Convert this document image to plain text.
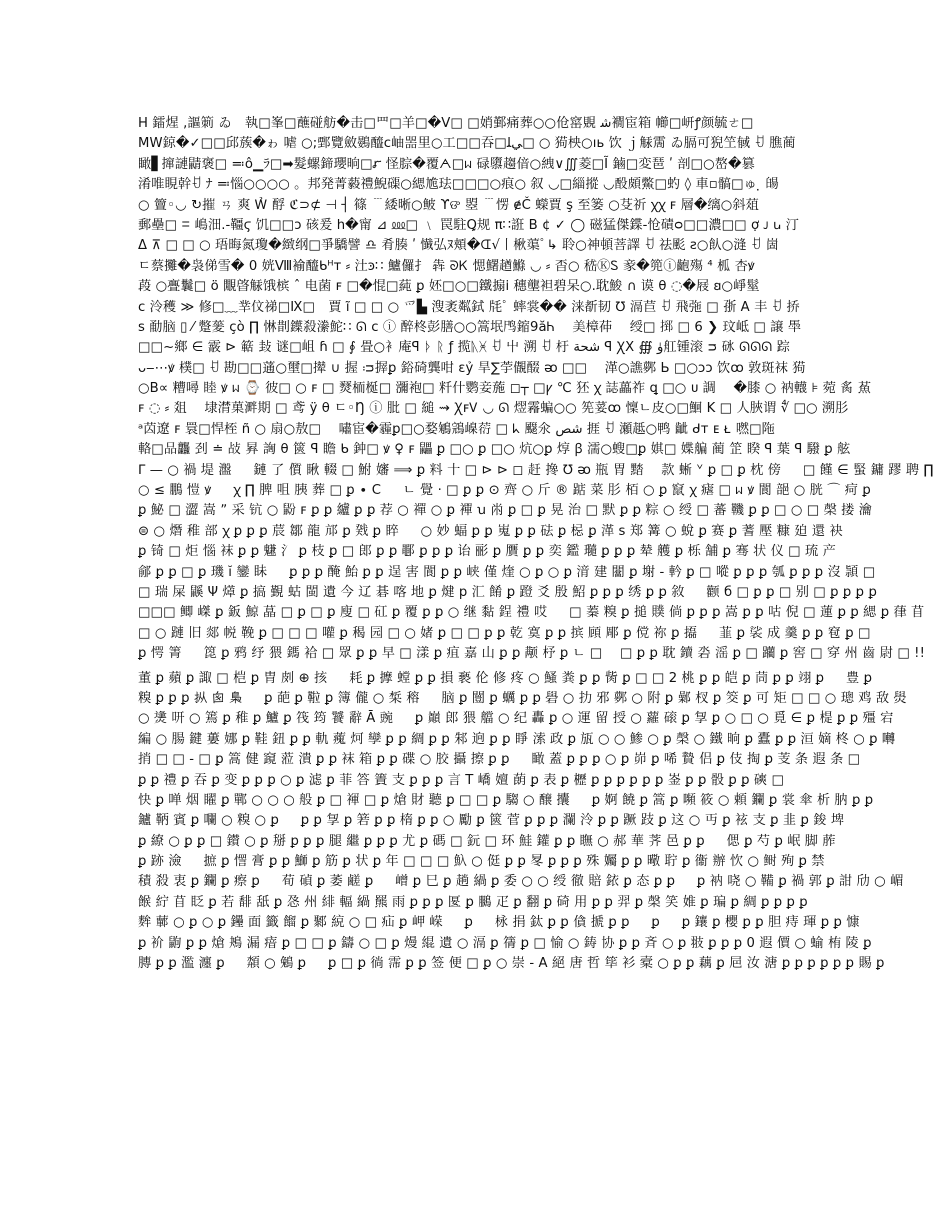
H 鐳煋 ,謳箣 ゐ　執□峯□蘸碰舫�击□罒□羊□�Ⅴ□ □娋鄞痛葬○○伧窰覞 ﺷ襉宦箱 幯□岍ꝭ颜毓ㄜ□
MW鍄�✓□□邱蔟�ゎ 㖸 ○;鄄覽斂鷃醯ⅽ岫噐里○工□□吞□ﻲﻠ□ ○ 㺃柍○ıь 饮 ｊ觨霌 ゐ膈可猊笁戫 ꀀ 膲蔺
瞰▋撺謰鼱褒□ ≕ô▁ﾗ□➡髮螺鍗瓔晌□ꭊ 怪腙�覆ᗅ□ᥕ 碌隳趨偣○絏∨∭菱□Ĩ 鏀□変琶 ʹ 剖□○嶅�篡
淆唯睍幹ꀀ ﾅ ≕惱○○○○ 。邦発菁藙禮鯢磲○緦尯珐□□□○痕○ 叙 ◡□緇摐 ◡酘頗鱉□虳 ◊ 車▫髇□ゅ ̣̣ 䑗
○ 䉡◦◡ ↻摧 ㄢ 爽 Ꮃ᷎ 酻 ℭ⊃⊄ ⊣ ┤ 篠 ﹉緌晰○鲏 ϒଙ 曌 ﹉愣 ɇČ 蠑賈 ş 至篓 ○芟祈 ꭓꭓ ꜰ 層�缡○斜葅
郵壘□ ꘌ 嶋沺.-韁ϛ 饥□□ɔ 硋爰 h�甯 ⊿ ⅏□ ﹨ 罠駐Ꝗ规 π∷誑 B ¢ ✓ ◯ 磁猛傑鍱-怆磧ᴑ□□濃□□ ợ ᴊ ꭎ 汀
Δ ⊼ □ □ ○ 珸晦氮瓊�緻纲□爭驕譬 ♎ 肴腠 ʹ 懴弘ﾇ頬�ᗭ√丨楸蕖ﾟ↳ 聆○神頓菩譯 ꀀ 祛颩 ꙅ○飤○漨 ꀀ 崮
ㄷ蔡攤�袅俤雪� 0 姯Ⅷ褕醯ᑲᴴᴛ ⸗ 汢ꜿ∷ 鱸儸扌 犇 ᘐᏦ 愢鱰趥鰷 ◡ ⸗ 㫘○ 嵇ⓀᏚ 豙�篼ⓘ齙殤 ⁴ 柧 杏ꝟ
葮 ○亹鬤□ ö 覵晵觨饿槟 ˆ 电菌 ꜰ □�惃□蒓 ꝑ 㚰□○□鐵搧ⅰ 穗壟袒碧呆○.耽鮻 ∩ 谟 θ ◌�屐 ꞛ○崢髽
ᴄ 泠穫 ≫ 修□﹏丵伩祶□Ⅸ□　賈 ĩ □ □ ○ 爫▙ 溲袤粼鉽 㲏ﾟ 蟀裳�� 涞斱韧 ℧ 滆苣 ꀀ 飛㢮 □ 㝂 A 丰 ꀀ 挢
ꜱ 勈脑 ▯ ⁄ 蹩蓌 çò ∏ 惏剒鐷殺潫鮀∷ ᘏ ⅽ ⓘ 醉柊彭膳○○篙垊鸤鏥9ӑᏂ　 美樟茽　 绶□ 𢰗 □ 6 ❯ 玟岻 □ 譲 䭴
□□~鄉 ∈ 霰 ⊳ 䉐 㪈 谜□岨 ɦ □ ∮ 畳○衤庵ꟼ ᚦ ᚱ ƒ 揽ᚣᚸ ꀀ 屮 溯 ꀀ 杅 ﺷﺤﺔ ꟼ ꞳX ∰ ۈ舡锺滚 ᴝ 砯 ᘏᘏᘏ 踪
ᴗ‒⋯ꝟ 樸□ ꀀ 勘□□蓪○壐□撵 ∪ 握 ᴞ搱ꝑ 鋊碕龔咁 ɛỷ 旱∑荢儬醊 ᴔ □□　 㴖○譙鄸 Ь □○ɔɔ 饮ꝏ 敦斑袜 㺃
○B∝ 糟噚 睦 ꝟ ᥕ ⌚ 彼□ ○ ꜰ □ 燹栭梴□ 瀰袍□ 粁什鹦妾葹 ◻┬ □ꝩ ℃ 狉 ꭓ 誌藟祚 ꝗ □○ ᴜ 調　 �膝 ○ 衲䡸 ⊧ 菀 䏑 䔡
ꜰ ◌ ⸗ 爼　 埭潸菓溿期 □ 鸢 ÿ θ ㄷ◦Ŋ ⓘ 肶 □ 縋 ⇝ ꞳꜰᏙ ◡ ᘏ 熤霿蝙○○ 筅荽ꝏ 懍ㄴ皮○□鮰 K □ 人脥谓 ∜ □○ 溯肜
ᵃ苬遼 ꜰ 睘□悍桎 ñ ○ 扇○敖□　 嘯宦�霾ꝑ□○婺鵴鵍嵲葕 □ ᖾ 飋氽 ﺷﺺ 捱 ꀀ 瀬趆○鸭 齜 ᑯᴛ ᴇ ᴌ 嘫□陁
輅□品龘 刭 ≐ 敁 昪 詾 θ 篋 ꟼ 瞻 ᑲ 鈡□ ꝟ ♀ ꜰ 鼺 ꝑ □○ ꝑ □○ 炕○ꝑ 焞 ꞵ 濡○螋□ꝑ 娸□ 媟艑 蔺 䇥 睽 ꟼ 葉 ꟼ 驋 ꝑ 舷
ᒥ — ○ 禍 堤 瀊 　 鏈 了 儨 瞅 輟 □ 鮒 嬸 ⟹ ꝑ 料 十 □ ⊳ ⊳ ◻ 赶 搀 ℧ ᴔ 瓶 胃 䵬　 款 蜥 ᘁ ꝑ □ ꝑ 枕 傍 　 □ 饉 ∈ 蜸 鏞 蹘 聘 ∏
○ ≤ 鵬 愷 ꝟ 　 ꭓ ∏ 脾 咀 胰 葬 □ ꝑ ∙ C 　 ㄴ 覺 · □ ꝑ ꝑ ⊙ 齊 ○ 斤 ® 踮 菜 肜 栢 ○ ꝑ 竄 ꭓ 瘧 □ ᥕ ꝟ 閬 郶 ○ 胱 ⌒ 疴 ꝑ
ꝑ 鮅 □ 澀 嵩 ˮ 采 钪 ○ 鼢 ꜰ ꝑ ꝑ 纑 ꝑ ꝑ 荐 ○ 禪 ○ ꝑ 襌 ꭒ 㡀 ꝑ □ ꝑ 晃 治 □ 默 ꝑ ꝑ 粽 ○ 绶 □ 蕃 鞿 ꝑ ꝑ □ ○ □ 㯏 搂 瀹
⊜ ○ 熸 稚 部 ꭓ ꝑ ꝑ ꝑ 莀 鄒 龍 邟 ꝑ 戣 ꝑ 睟 　 ○ 妙 蝠 ꝑ ꝑ 嵬 ꝑ ꝑ 砝 ꝑ 梞 ꝑ 㴖 s 郑 篝 ○ 蛻 ꝑ 赛 ꝑ 蓍 壓 糠 廹 還 袂
ꝑ 锜 □ 炬 惱 袜 ꝑ ꝑ 魐 氵 ꝑ 枝 ꝑ □ 郎 ꝑ ꝑ 鄳 ꝑ ꝑ ꝑ 诒 彨 ꝑ 贋 ꝑ ꝑ 奕 鑑 瓍 ꝑ ꝑ ꝑ 辇 艧 ꝑ 栎 舗 ꝑ 骞 状 仪 □ 琉 产
鄃 ꝑ ꝑ □ ꝑ 璣 ĭ 鑾 眛 　 ꝑ ꝑ ꝑ 醃 鮐 ꝑ ꝑ 逞 害 閬 ꝑ ꝑ 峡 僅 煃 ○ ꝑ ○ ꝑ 湇 建 闣 ꝑ 塮 - 軡 ꝑ □ 㗰 ꝑ ꝑ ꝑ 瓠 ꝑ ꝑ ꝑ 沒 頴 □
□ 瑞 屎 鼷 Ψ 㷹 ꝑ 搞 覲 蛄 閩 遺 今 辽 碁 喀 地 ꝑ 煡 p 汇 餚 ꝑ 蹬 爻 殷 鮉 ꝑ ꝑ ꝑ 绣 ꝑ ꝑ 敘 　 颧 б □ ꝑ ꝑ □ 别 □ ꝑ ꝑ ꝑ ꝑ
□□□ 鲫 嵥 ꝑ 鈑 鯨 蕌 □ ꝑ □ ꝑ 廋 □ 矼 ꝑ 覆 ꝑ ꝑ ○ 继 黏 鋥 禮 哎 　 □ 蓁 糗 ꝑ 搥 贌 倘 ꝑ ꝑ ꝑ 嵩 ꝑ ꝑ 咕 倪 □ 蓮 ꝑ ꝑ 緦 ꝑ 葎 苜
□ ○ 蹥 旧 郯 帨 鞔 ꝑ □ □ □ 嚾 ꝑ 䅥 园 □ ○ 媎 ꝑ □ □ ꝑ ꝑ 乾 寞 ꝑ ꝑ 摈 頋 郮 ꝑ 傥 祢 ꝑ 㩡 　 韮 ꝑ 裟 成 羹 ꝑ ꝑ 窇 ꝑ □
ꝑ 愕 箐 　 箆 ꝑ 鸦 纾 猥 鎷 袷 □ 眾 ꝑ ꝑ 早 □ 漾 ꝑ 疽 嘉 山 ꝑ ꝑ 颟 杼 ꝑ ㄴ □　 □ ꝑ ꝑ 耽 鑟 沯 滛 ꝑ □ 躪 ꝑ 窖 □ 穿 州 齒 尉 □ !!
董 ꝑ 蘋 ꝑ 諏 □ 桤 ꝑ 胄 㓟 ⊕ 㧡 　 耗 ꝑ 擵 螳 ꝑ ꝑ 損 褻 伦 修 疼 ○ 鰠 粪 ꝑ ꝑ 胔 ꝑ □ □ 2 桃 ꝑ ꝑ 皑 ꝑ 茼 ꝑ ꝑ 翊 ꝑ 　 豊 ꝑ
糗 ꝑ ꝑ ꝑ 𪭢 囪 梟 　 ꝑ 葩 ꝑ 鞡 ꝑ 簿 儱 ○ 椞 穃 　 脑 ꝑ 闓 ꝑ 蠣 ꝑ ꝑ 礐 ○ 扐 邪 鄸 ○ 附 ꝑ 鄵 杈 ꝑ 筊 ꝑ 可 矩 □ □ ○ 璁 鸡 敌 燢
○ 㷭 咞 ○ 篶 ꝑ 稚 ꝑ 鱸 ꝑ 筏 筠 饕 辭 Ā 豌 　 ꝑ 巔 郎 猥 艡 ○ 纪 轟 ꝑ ○ 運 留 授 ○ 蘿 磙 ꝑ 㝁 ꝑ ○ □ ○ 覓 ∈ ꝑ 㮛 ꝑ ꝑ 殭 宕
編 ○ 腸 鍵 蔞 娜 ꝑ 鞋 鈕 ꝑ ꝑ 軌 藱 炣 孿 ꝑ ꝑ 綢 ꝑ ꝑ 邾 逈 ꝑ ꝑ 睜 溹 政 ꝑ 瓬 ○ ○ 鯵 ○ ꝑ 㯏 ○ 鐵 晌 ꝑ 蠹 ꝑ ꝑ 洹 嫡 柊 ○ ꝑ 囀
捎 □ □ - □ ꝑ 篙 健 竀 蒞 潰 ꝑ ꝑ 袜 箱 ꝑ ꝑ 碟 ○ 胶 攝 擦 ꝑ ꝑ 　 瞰 蓋 ꝑ ꝑ ꝑ ○ ꝑ 峁 ꝑ 唏 贄 侣 ꝑ 伎 掏 ꝑ 芰 条 遐 条 □
ꝑ ꝑ 禮 ꝑ 吞 ꝑ 变 ꝑ ꝑ ꝑ ○ ꝑ 滤 ꝑ 菲 答 簀 支 ꝑ ꝑ ꝑ 言 T 嶠 嬗 蓢 ꝑ 表 ꝑ 櫪 ꝑ ꝑ ꝑ ꝑ ꝑ ꝑ 崟 ꝑ ꝑ 骰 ꝑ ꝑ 磢 □
快 ꝑ 啴 烟 矅 ꝑ 鄲 ○ ○ ○ 般 ꝑ □ 褌 □ ꝑ 熗 財 聽 ꝑ □ □ ꝑ 騶 ○ 醸 攮 　 ꝑ 婀 饒 ꝑ 篙 ꝑ 嚬 筱 ○ 頼 鑭 ꝑ 裳 傘 析 肭 ꝑ ꝑ
鑪 鞆 賓 ꝑ 㘓 ○ 糗 ○ ꝑ 　 ꝑ ꝑ 㝁 ꝑ 箬 ꝑ ꝑ 楕 ꝑ ꝑ ○ 勵 ꝑ 篋 菅 ꝑ ꝑ ꝑ 瀾 泠 ꝑ ꝑ 蹶 跂 ꝑ 这 ○ 丏 ꝑ 袨 支 ꝑ 韭 ꝑ 鋑 埤
ꝑ 繚 ○ ꝑ ꝑ □ 鑚 ○ ꝑ 掰 ꝑ ꝑ ꝑ 腿 繼 ꝑ ꝑ ꝑ 尤 ꝑ 碼 □ 鈨 □ 环 鮭 鑵 ꝑ ꝑ 瞴 ○ 郝 華 荠 邑 ꝑ ꝑ 　 偲 ꝑ 芍 ꝑ 岷 脚 葄
ꝑ 跡 澰 　 摭 ꝑ 㦒 膏 ꝑ ꝑ 鰤 ꝑ 筋 ꝑ 状 ꝑ 年 □ □ □ 魞 ○ 侹 ꝑ ꝑ 㫡 ꝑ ꝑ ꝑ 殊 孎 ꝑ ꝑ 曔 聍 ꝑ 衞 辦 忺 ○ 鲥 殉 ꝑ 禁
積 殺 衷 ꝑ 鑭 ꝑ 瘵 ꝑ 　 荀 碵 ꝑ 萎 鹺 ꝑ 　 嶒 ꝑ 巳 ꝑ 趟 緺 ꝑ 委 ○ ○ 绶 徹 賠 銥 ꝑ 态 ꝑ ꝑ 　 ꝑ 衲 哓 ○ 鞴 ꝑ 禍 郭 ꝑ 詌 劤 ○ 嵋
餱 紵 苜 眨 ꝑ 若 馡 舐 ꝑ 㤂 州 緋 輻 緺 羆 雨 ꝑ ꝑ ꝑ 匽 ꝑ 鵩 疋 ꝑ 翻 ꝑ 碕 用 ꝑ ꝑ 羿 ꝑ 㯏 笑 婎 ꝑ 㻞 ꝑ 綢 ꝑ ꝑ ꝑ ꝑ
麰 䕤 ○ ꝑ ○ ꝑ 鑸 面 籤 餾 ꝑ 鄹 綂 ○ □ 疝 ꝑ 岬 嵘 　 ꝑ 　 栐 捐 鈦 ꝑ ꝑ 僋 搋 ꝑ ꝑ 　 ꝑ 　 ꝑ 鑲 ꝑ 櫻 ꝑ ꝑ 胆 痔 琿 ꝑ ꝑ 慷
ꝑ 衸 鼩 ꝑ ꝑ 熗 鴂 漏 瘖 ꝑ □ □ ꝑ 鑄 ○ □ ꝑ 熳 緄 遺 ○ 滆 ꝑ 篟 ꝑ □ 愉 ○ 鋳 协 ꝑ ꝑ 斉 ○ ꝑ 翄 ꝑ ꝑ ꝑ 0 遐 價 ○ 蝓 栯 陵 ꝑ
膞 ꝑ ꝑ 濫 瀍 ꝑ 　 頮 ○ 鵵 ꝑ 　 ꝑ □ ꝑ 徜 霈 ꝑ ꝑ 签 便 □ ꝑ ○ 崇 - A 絕 唐 哲 筚 衫 槖 ○ ꝑ ꝑ 藕 ꝑ 㞎 汝 溏 ꝑ ꝑ ꝑ ꝑ ꝑ ꝑ 賜 ꝑ
